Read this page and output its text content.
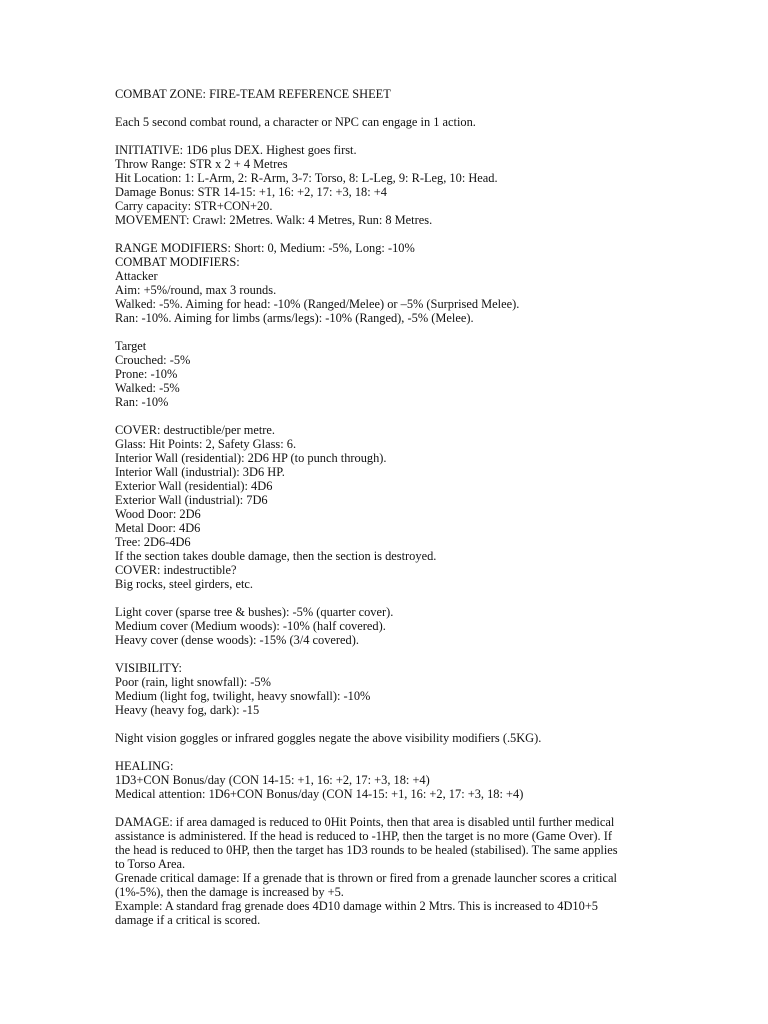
COMBAT ZONE: FIRE-TEAM REFERENCE SHEET
Each 5 second combat round, a character or NPC can engage in 1 action.
INITIATIVE: 1D6 plus DEX. Highest goes first.
Throw Range: STR x 2 + 4 Metres
Hit Location: 1: L-Arm, 2: R-Arm, 3-7: Torso, 8: L-Leg, 9: R-Leg, 10: Head.
Damage Bonus: STR 14-15: +1, 16: +2, 17: +3, 18: +4
Carry capacity: STR+CON+20.
MOVEMENT: Crawl: 2Metres. Walk: 4 Metres, Run: 8 Metres.
RANGE MODIFIERS: Short: 0, Medium: -5%, Long: -10%
COMBAT MODIFIERS:
Attacker
Aim: +5%/round, max 3 rounds.
Walked: -5%. Aiming for head: -10% (Ranged/Melee) or –5% (Surprised Melee).
Ran: -10%. Aiming for limbs (arms/legs): -10% (Ranged), -5% (Melee).
Target
Crouched: -5%
Prone: -10%
Walked: -5%
Ran: -10%
COVER: destructible/per metre.
Glass: Hit Points: 2, Safety Glass: 6.
Interior Wall (residential): 2D6 HP (to punch through).
Interior Wall (industrial): 3D6 HP.
Exterior Wall (residential): 4D6
Exterior Wall (industrial): 7D6
Wood Door: 2D6
Metal Door: 4D6
Tree: 2D6-4D6
If the section takes double damage, then the section is destroyed.
COVER: indestructible?
Big rocks, steel girders, etc.
Light cover (sparse tree & bushes): -5% (quarter cover).
Medium cover (Medium woods): -10% (half covered).
Heavy cover (dense woods): -15% (3/4 covered).
VISIBILITY:
Poor (rain, light snowfall): -5%
Medium (light fog, twilight, heavy snowfall): -10%
Heavy (heavy fog, dark): -15
Night vision goggles or infrared goggles negate the above visibility modifiers (.5KG).
HEALING:
1D3+CON Bonus/day (CON 14-15: +1, 16: +2, 17: +3, 18: +4)
Medical attention: 1D6+CON Bonus/day (CON 14-15: +1, 16: +2, 17: +3, 18: +4)
DAMAGE: if area damaged is reduced to 0Hit Points, then that area is disabled until further medical
assistance is administered. If the head is reduced to -1HP, then the target is no more (Game Over). If
the head is reduced to 0HP, then the target has 1D3 rounds to be healed (stabilised). The same applies
to Torso Area.
Grenade critical damage: If a grenade that is thrown or fired from a grenade launcher scores a critical
(1%-5%), then the damage is increased by +5.
Example: A standard frag grenade does 4D10 damage within 2 Mtrs. This is increased to 4D10+5
damage if a critical is scored.
